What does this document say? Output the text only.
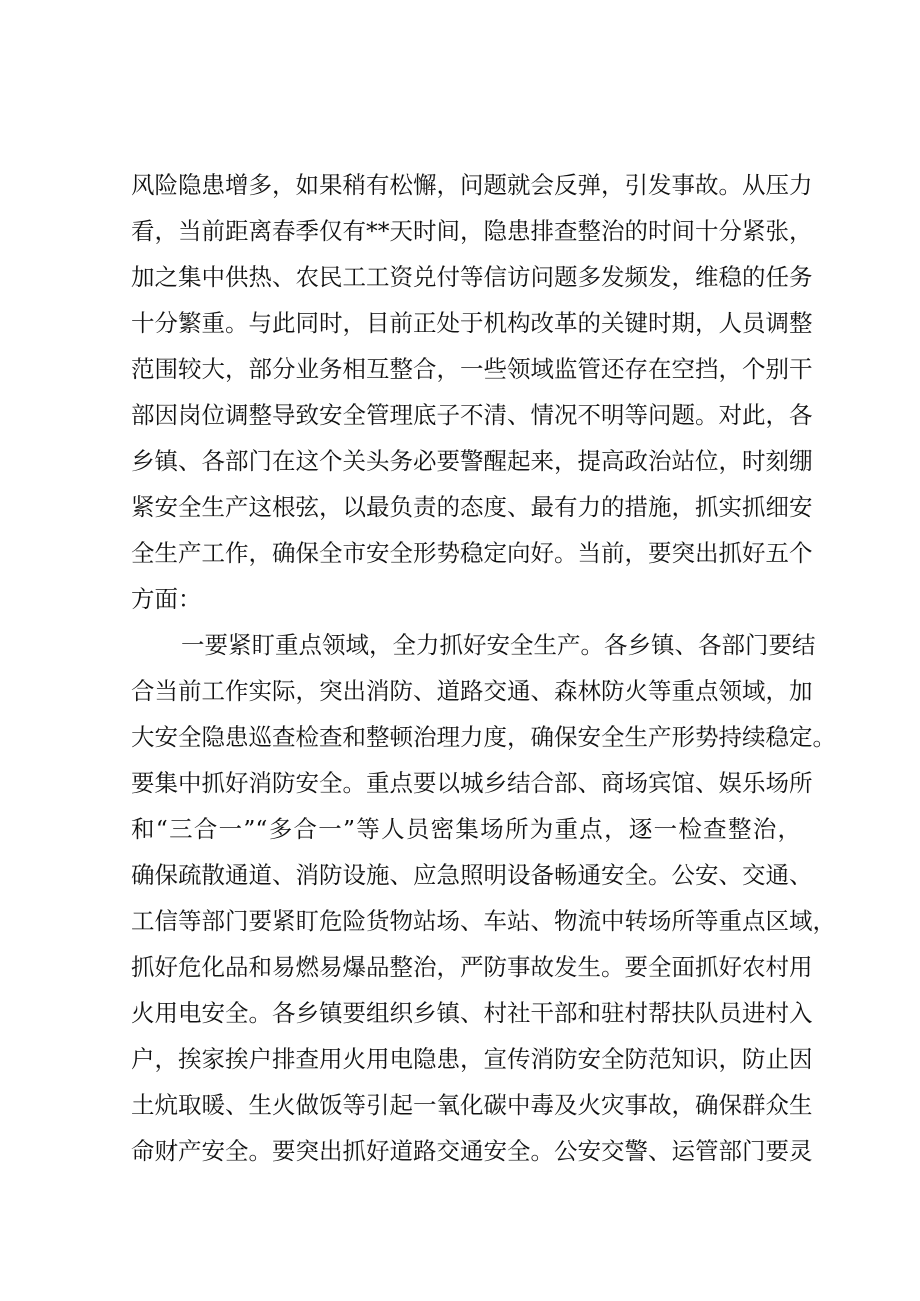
风险隐患增多，如果稍有松懈，问题就会反弹，引发事故。从压力
看，当前距离春季仅有**天时间，隐患排查整治的时间十分紧张，
加之集中供热、农民工工资兑付等信访问题多发频发，维稳的任务
十分繁重。与此同时，目前正处于机构改革的关键时期，人员调整
范围较大，部分业务相互整合，一些领域监管还存在空挡，个别干
部因岗位调整导致安全管理底子不清、情况不明等问题。对此，各
乡镇、各部门在这个关头务必要警醒起来，提高政治站位，时刻绷
紧安全生产这根弦，以最负责的态度、最有力的措施，抓实抓细安
全生产工作，确保全市安全形势稳定向好。当前，要突出抓好五个
方面：
一要紧盯重点领域，全力抓好安全生产。各乡镇、各部门要结
合当前工作实际，突出消防、道路交通、森林防火等重点领域，加
大安全隐患巡查检查和整顿治理力度，确保安全生产形势持续稳定。
要集中抓好消防安全。重点要以城乡结合部、商场宾馆、娱乐场所
和“三合一”“多合一”等人员密集场所为重点，逐一检查整治，
确保疏散通道、消防设施、应急照明设备畅通安全。公安、交通、
工信等部门要紧盯危险货物站场、车站、物流中转场所等重点区域，
抓好危化品和易燃易爆品整治，严防事故发生。要全面抓好农村用
火用电安全。各乡镇要组织乡镇、村社干部和驻村帮扶队员进村入
户，挨家挨户排查用火用电隐患，宣传消防安全防范知识，防止因
土炕取暖、生火做饭等引起一氧化碳中毒及火灾事故，确保群众生
命财产安全。要突出抓好道路交通安全。公安交警、运管部门要灵
